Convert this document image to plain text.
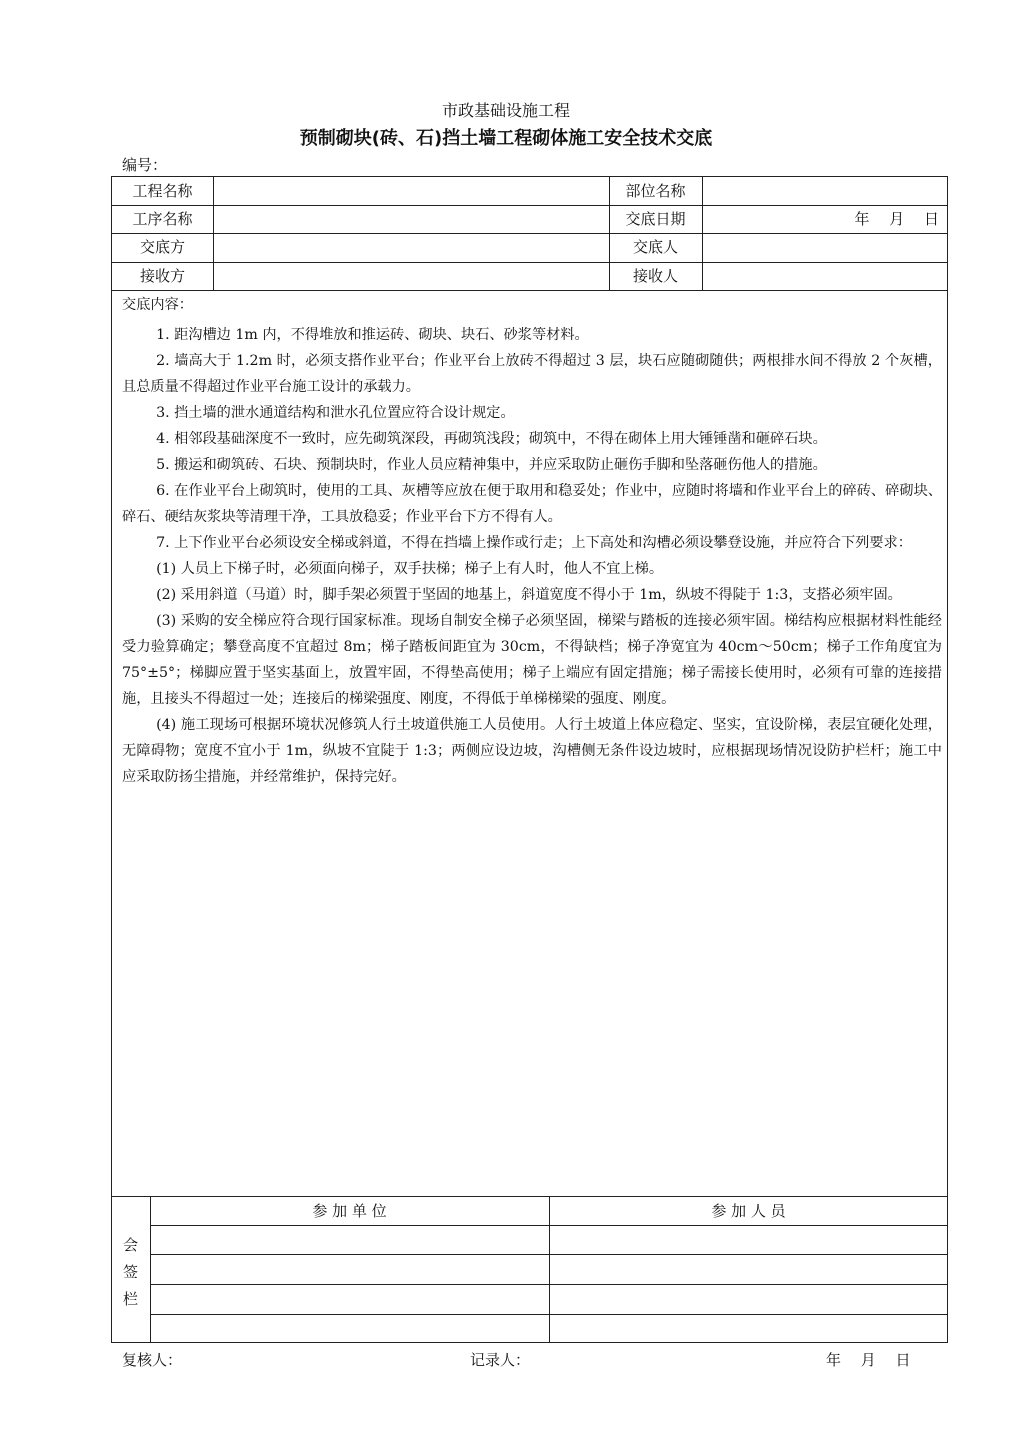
市政基础设施工程
预制砌块(砖、石)挡土墙工程砌体施工安全技术交底
编号：
工程名称	部位名称
工序名称	交底日期	年　 月　 日
交底方	交底人
接收方	接收人
参 加 单 位	参 加 人 员

交底内容：

1. 距沟槽边 1m 内，不得堆放和推运砖、砌块、块石、砂浆等材料。

2. 墙高大于 1.2m 时，必须支搭作业平台；作业平台上放砖不得超过 3 层，块石应随砌随供；两根排水间不得放 2 个灰槽，且总质量不得超过作业平台施工设计的承载力。

3. 挡土墙的泄水通道结构和泄水孔位置应符合设计规定。

4. 相邻段基础深度不一致时，应先砌筑深段，再砌筑浅段；砌筑中，不得在砌体上用大锤锤凿和砸碎石块。

5. 搬运和砌筑砖、石块、预制块时，作业人员应精神集中，并应采取防止砸伤手脚和坠落砸伤他人的措施。

6. 在作业平台上砌筑时，使用的工具、灰槽等应放在便于取用和稳妥处；作业中，应随时将墙和作业平台上的碎砖、碎砌块、碎石、硬结灰浆块等清理干净，工具放稳妥；作业平台下方不得有人。

7. 上下作业平台必须设安全梯或斜道，不得在挡墙上操作或行走；上下高处和沟槽必须设攀登设施，并应符合下列要求：

(1) 人员上下梯子时，必须面向梯子，双手扶梯；梯子上有人时，他人不宜上梯。

(2) 采用斜道（马道）时，脚手架必须置于坚固的地基上，斜道宽度不得小于 1m，纵坡不得陡于 1:3，支搭必须牢固。

(3) 采购的安全梯应符合现行国家标准。现场自制安全梯子必须坚固，梯梁与踏板的连接必须牢固。梯结构应根据材料性能经受力验算确定；攀登高度不宜超过 8m；梯子踏板间距宜为 30cm，不得缺档；梯子净宽宜为 40cm～50cm；梯子工作角度宜为 75°±5°；梯脚应置于坚实基面上，放置牢固，不得垫高使用；梯子上端应有固定措施；梯子需接长使用时，必须有可靠的连接措施，且接头不得超过一处；连接后的梯梁强度、刚度，不得低于单梯梯梁的强度、刚度。

(4) 施工现场可根据环境状况修筑人行土坡道供施工人员使用。人行土坡道上体应稳定、坚实，宜设阶梯，表层宜硬化处理，无障碍物；宽度不宜小于 1m，纵坡不宜陡于 1:3；两侧应设边坡，沟槽侧无条件设边坡时，应根据现场情况设防护栏杆；施工中应采取防扬尘措施，并经常维护，保持完好。

会
签
栏
复核人：	记录人：	年　 月　 日
